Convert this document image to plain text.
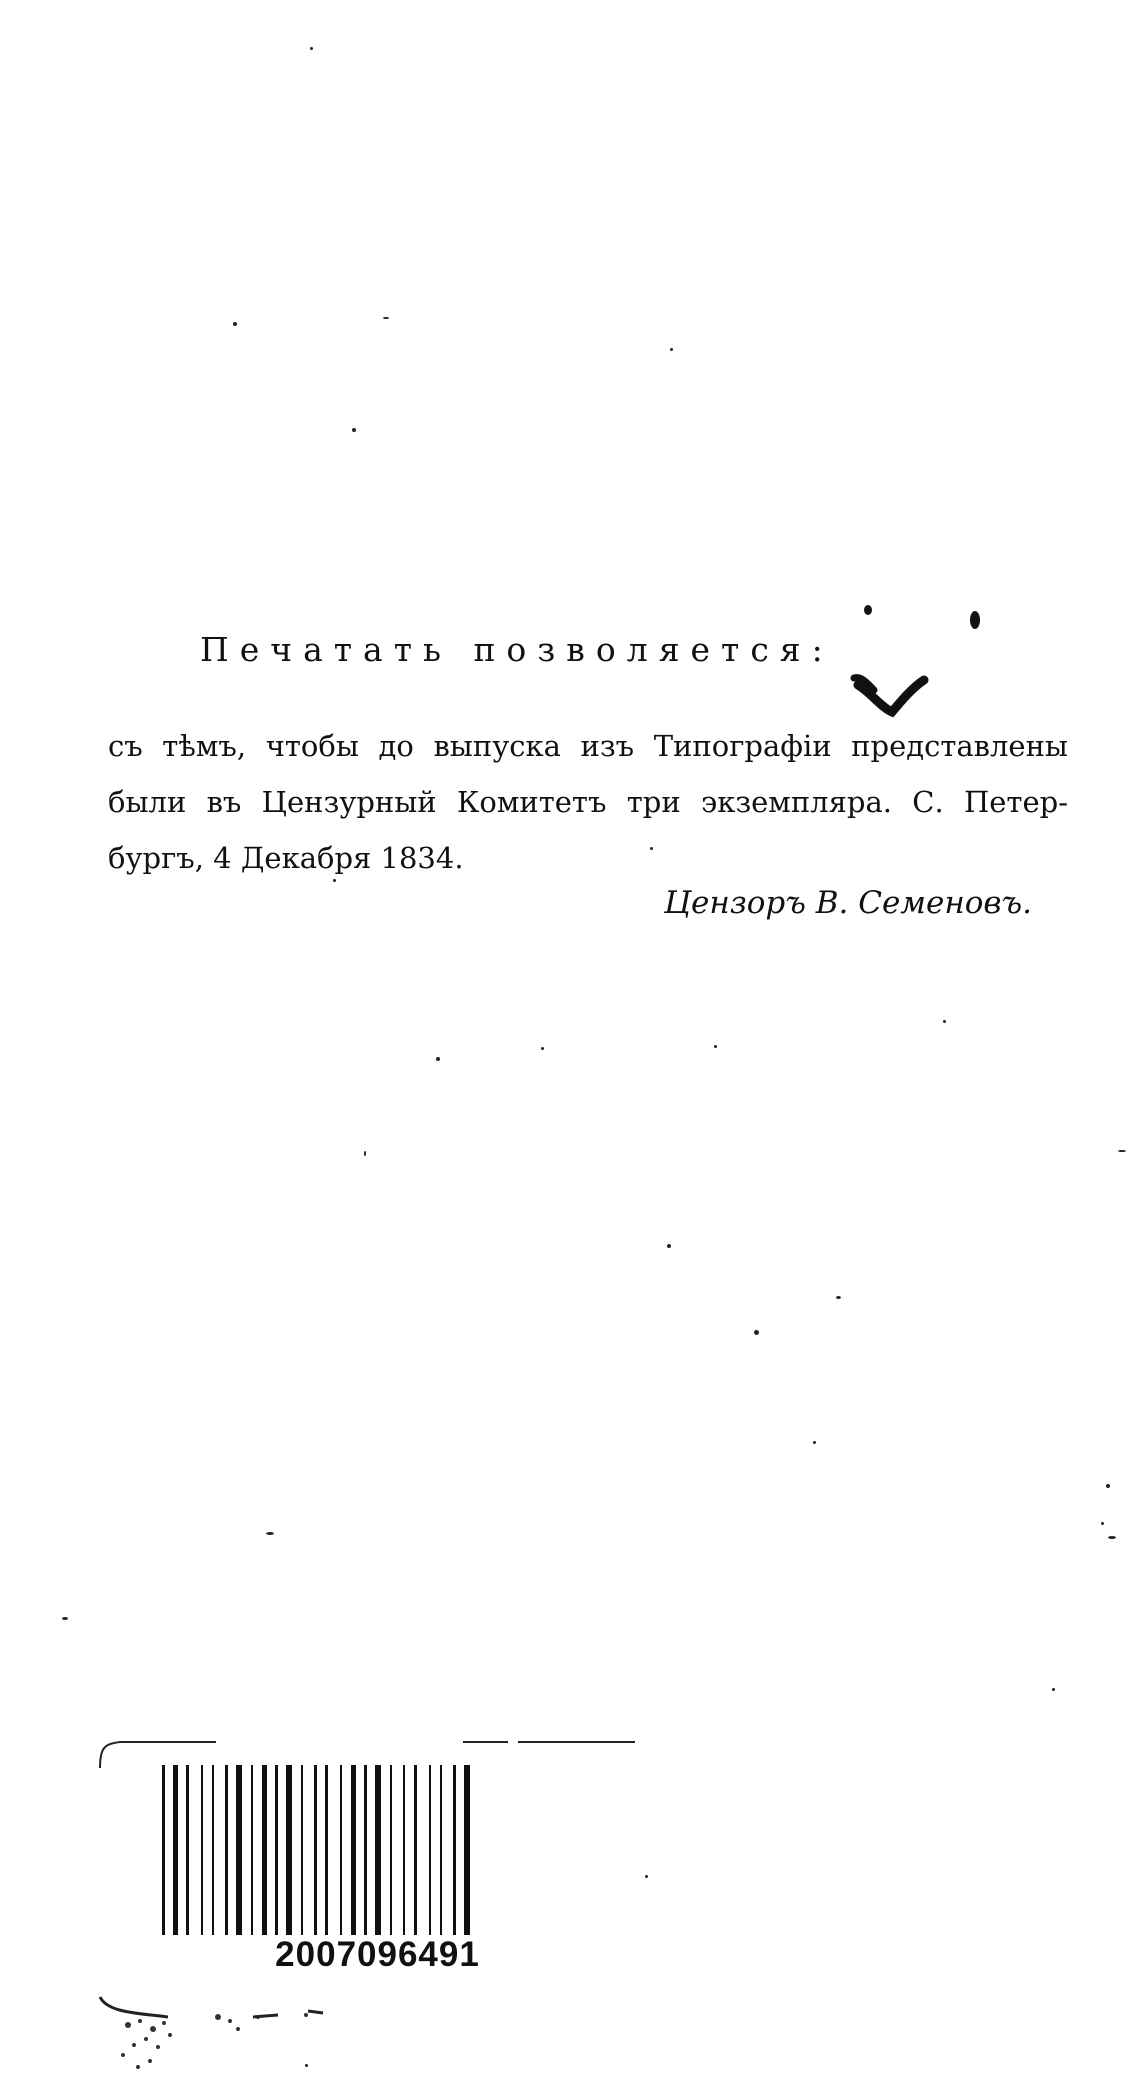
Печатать позволяется:
съ тѣмъ, чтобы до выпуска изъ Типографіи представлены
были въ Цензурный Комитетъ три экземпляра. С. Петер-
бургъ, 4 Декабря 1834.
Цензоръ В. Семеновъ.
2007096491
